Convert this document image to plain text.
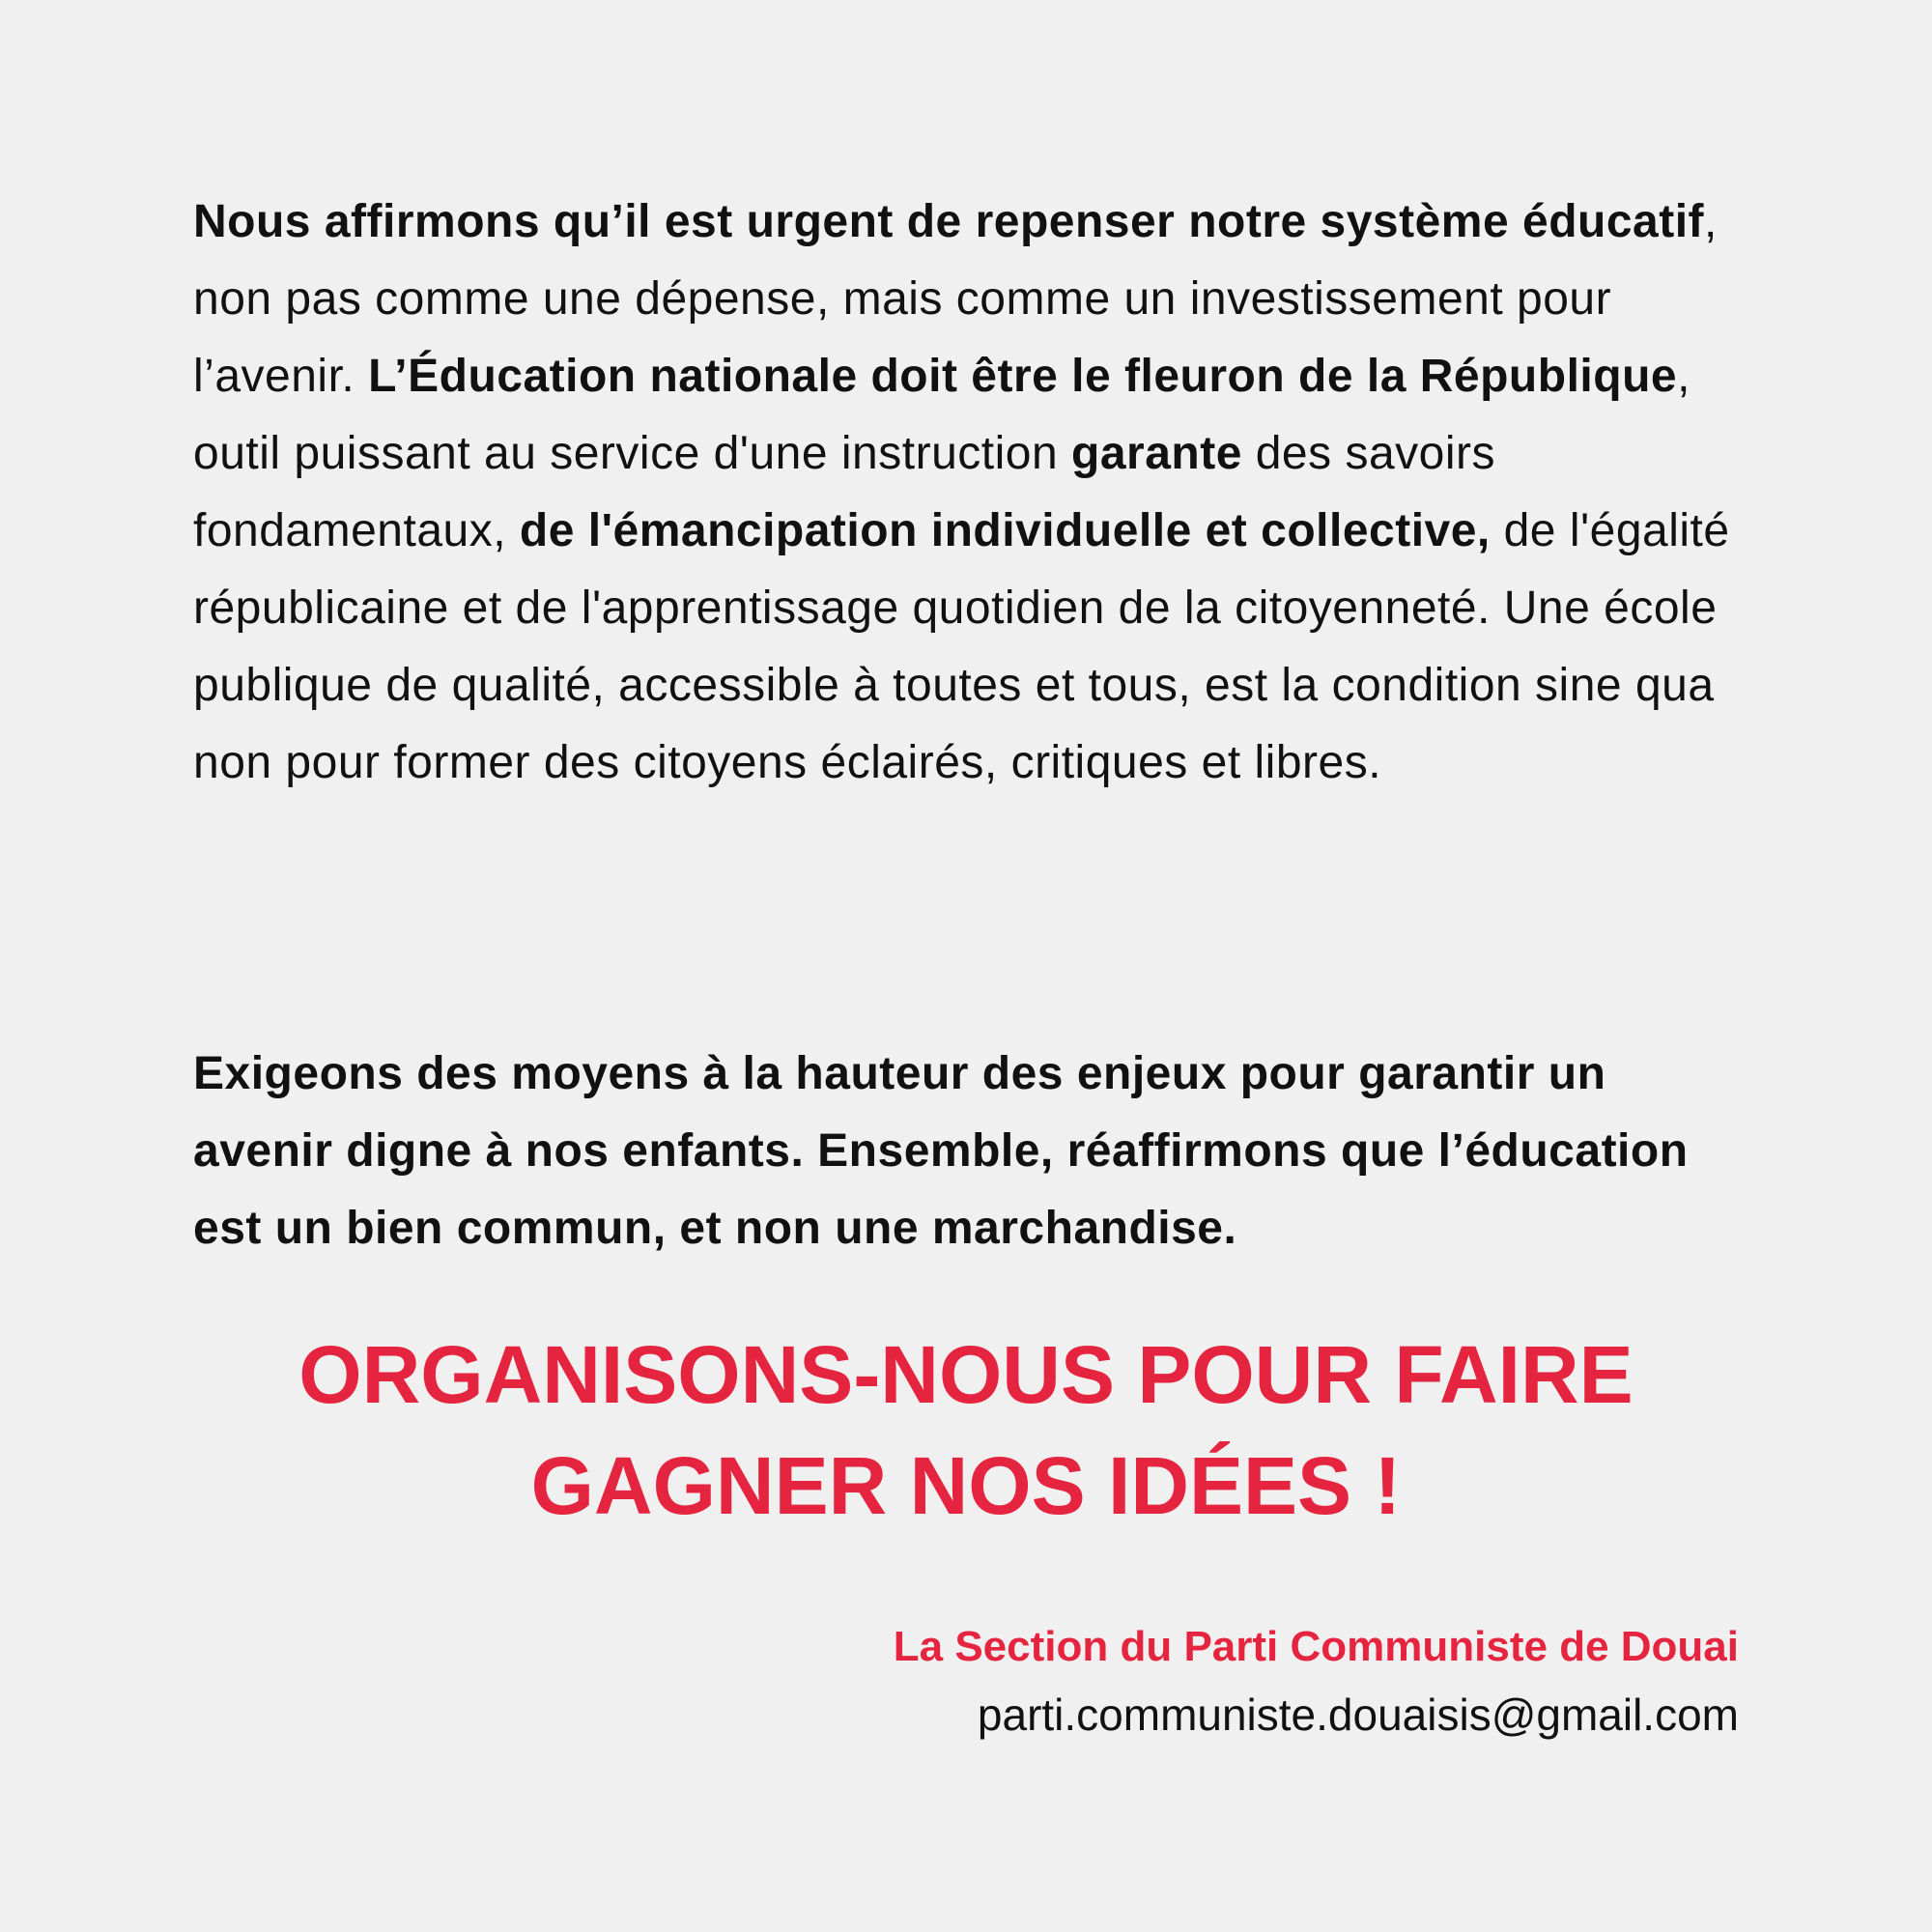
Nous affirmons qu’il est urgent de repenser notre système éducatif, non pas comme une dépense, mais comme un investissement pour l’avenir. L’Éducation nationale doit être le fleuron de la République, outil puissant au service d'une instruction garante des savoirs fondamentaux, de l'émancipation individuelle et collective, de l'égalité républicaine et de l'apprentissage quotidien de la citoyenneté. Une école publique de qualité, accessible à toutes et tous, est la condition sine qua non pour former des citoyens éclairés, critiques et libres.

Exigeons des moyens à la hauteur des enjeux pour garantir un avenir digne à nos enfants. Ensemble, réaffirmons que l’éducation est un bien commun, et non une marchandise.

ORGANISONS-NOUS POUR FAIRE
GAGNER NOS IDÉES !
La Section du Parti Communiste de Douai
parti.communiste.douaisis@gmail.com
